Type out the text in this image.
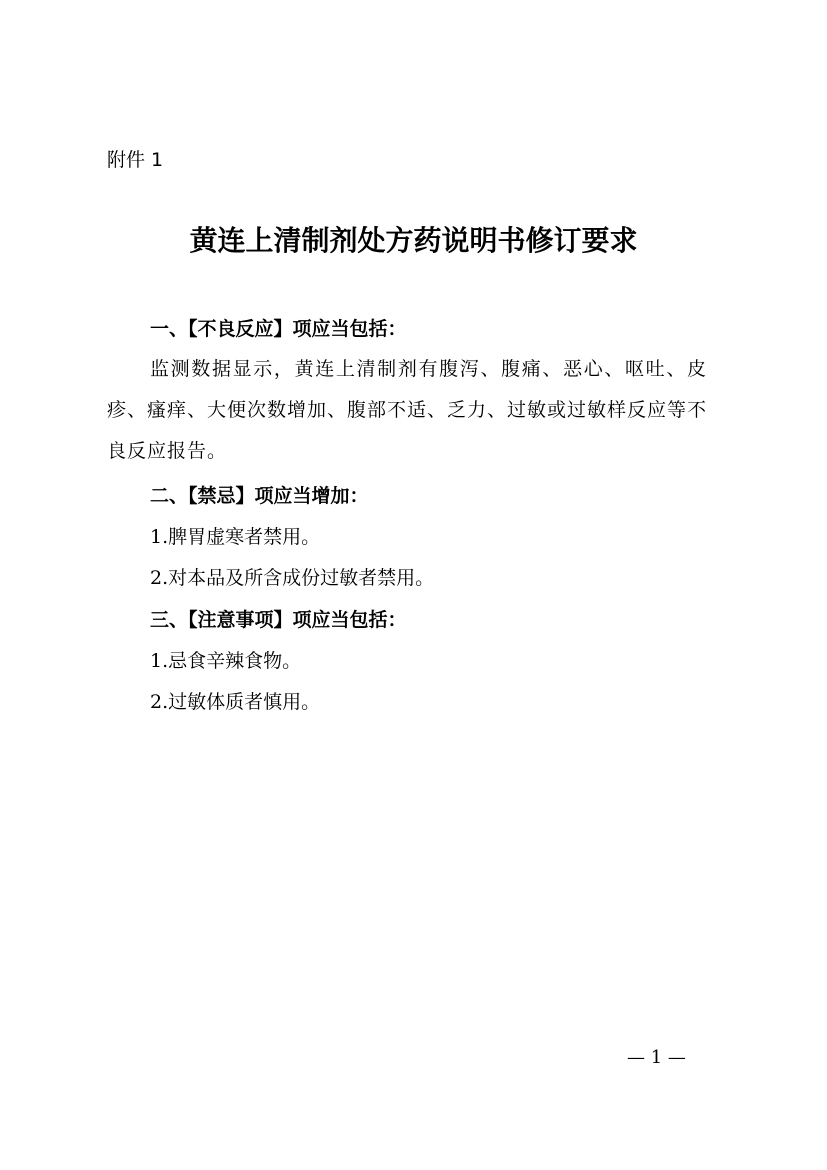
附件 1
黄连上清制剂处方药说明书修订要求
一、【不良反应】项应当包括：
监测数据显示，黄连上清制剂有腹泻、腹痛、恶心、呕吐、皮疹、瘙痒、大便次数增加、腹部不适、乏力、过敏或过敏样反应等不良反应报告。
二、【禁忌】项应当增加：
1.脾胃虚寒者禁用。
2.对本品及所含成份过敏者禁用。
三、【注意事项】项应当包括：
1.忌食辛辣食物。
2.过敏体质者慎用。
— 1 —
